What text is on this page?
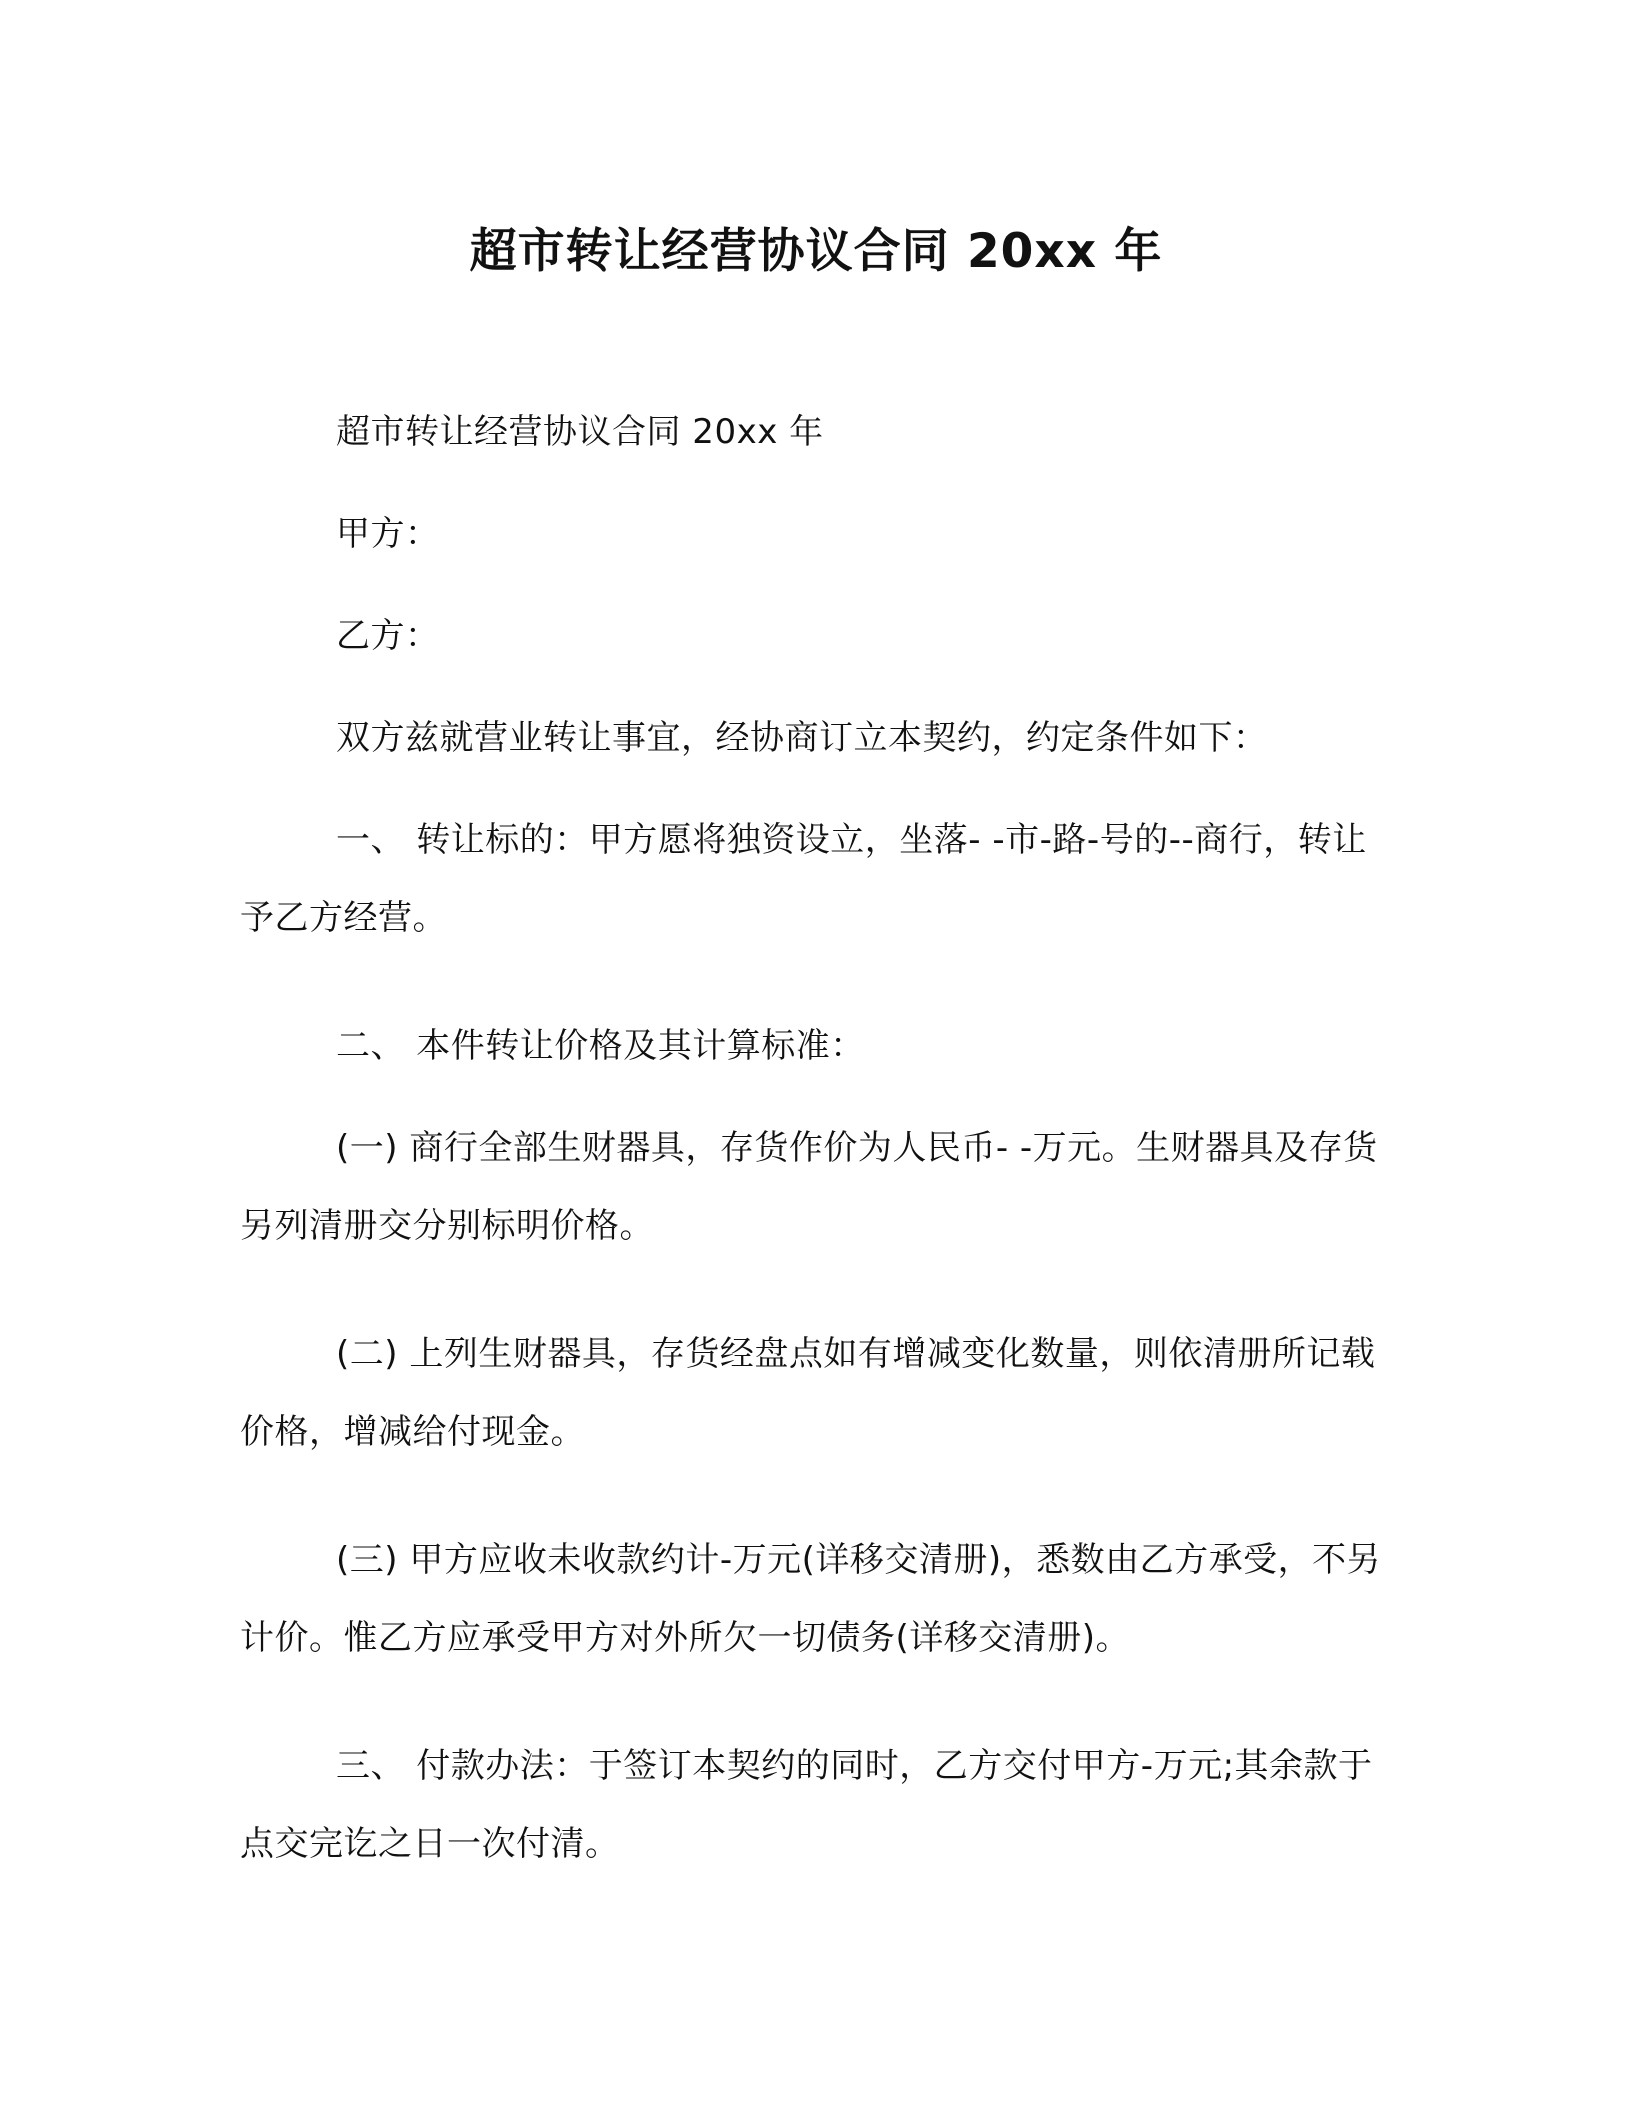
超市转让经营协议合同 20xx 年

超市转让经营协议合同 20xx 年

甲方：

乙方：

双方兹就营业转让事宜，经协商订立本契约，约定条件如下：

一、 转让标的：甲方愿将独资设立，坐落- -市-路-号的--商行，转让予乙方经营。

二、 本件转让价格及其计算标准：

(一) 商行全部生财器具，存货作价为人民币- -万元。生财器具及存货另列清册交分别标明价格。

(二) 上列生财器具，存货经盘点如有增减变化数量，则依清册所记载价格，增减给付现金。

(三) 甲方应收未收款约计-万元(详移交清册)，悉数由乙方承受，不另计价。惟乙方应承受甲方对外所欠一切债务(详移交清册)。

三、 付款办法：于签订本契约的同时，乙方交付甲方-万元;其余款于点交完讫之日一次付清。
